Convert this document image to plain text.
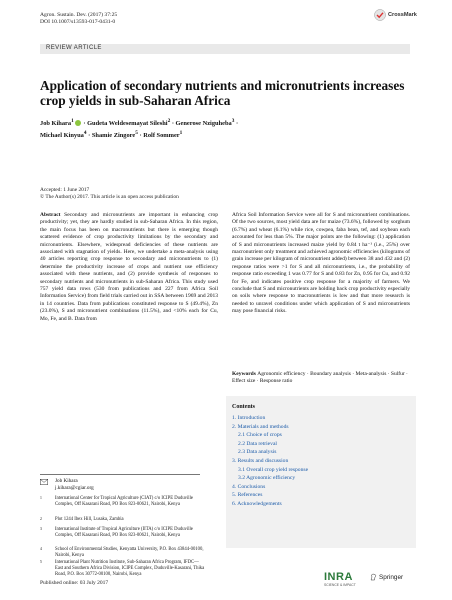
Agron. Sustain. Dev. (2017) 37:25
DOI 10.1007/s13593-017-0431-0
CrossMark
REVIEW ARTICLE
Application of secondary nutrients and micronutrients increases crop yields in sub-Saharan Africa
Job Kihara$^1$ · Gudeta Weldesemayat Sileshi$^2$ · Generose Nziguheba$^3$ ·
Michael Kinyua$^4$ · Shamie Zingore$^5$ · Rolf Sommer$^1$
Accepted: 1 June 2017
© The Author(s) 2017. This article is an open access publication
Abstract Secondary and micronutrients are important in enhancing crop productivity; yet, they are hardly studied in sub-Saharan Africa. In this region, the main focus has been on macronutrients but there is emerging though scattered evidence of crop productivity limitations by the secondary and micronutrients. Elsewhere, widespread deficiencies of these nutrients are associated with stagnation of yields. Here, we undertake a meta-analysis using 40 articles reporting crop response to secondary and micronutrients to (1) determine the productivity increase of crops and nutrient use efficiency associated with these nutrients, and (2) provide synthesis of responses to secondary nutrients and micronutrients in sub-Saharan Africa. This study used 757 yield data rows (530 from publications and 227 from Africa Soil Information Service) from field trials carried out in SSA between 1969 and 2013 in 14 countries. Data from publications constituted response to S (49.4%), Zn (23.0%), S and micronutrient combinations (11.5%), and <10% each for Cu, Mo, Fe, and B. Data from
Africa Soil Information Service were all for S and micronutrient combinations. Of the two sources, most yield data are for maize (73.6%), followed by sorghum (6.7%) and wheat (6.1%) while rice, cowpea, faba bean, tef, and soybean each accounted for less than 5%. The major points are the following: (1) application of S and micronutrients increased maize yield by 0.84 t ha⁻¹ (i.e., 25%) over macronutrient only treatment and achieved agronomic efficiencies (kilograms of grain increase per kilogram of micronutrient added) between 38 and 432 and (2) response ratios were >1 for S and all micronutrients, i.e., the probability of response ratio exceeding 1 was 0.77 for S and 0.83 for Zn, 0.95 for Cu, and 0.92 for Fe, and indicates positive crop response for a majority of farmers. We conclude that S and micronutrients are holding back crop productivity especially on soils where response to macronutrients is low and that more research is needed to unravel conditions under which application of S and micronutrients may pose financial risks.
Keywords Agronomic efficiency · Boundary analysis · Meta-analysis · Sulfur · Effect size · Response ratio
Job Kihara
j.kihara@cgiar.org
1	International Center for Tropical Agriculture (CIAT) c/o ICIPE Duduville Complex, Off Kasarani Road, PO Box 823-00621, Nairobi, Kenya
2	Plot 1244 Ibex Hill, Lusaka, Zambia
3	International Institute of Tropical Agriculture (IITA) c/o ICIPE Duduville Complex, Off Kasarani Road, PO Box 823-00621, Nairobi, Kenya
4	School of Environmental Studies, Kenyatta University, P.O. Box 43844-00100, Nairobi, Kenya
5	International Plant Nutrition Institute, Sub-Saharan Africa Program, IFDC—East and Southern Africa Division, ICIPE Complex, Duduville-Kasarani, Thika Road, P.O. Box 30772-00100, Nairobi, Kenya
Contents
1. Introduction
2. Materials and methods
2.1 Choice of crops
2.2 Data retrieval
2.3 Data analysis
3. Results and discussion
3.1 Overall crop yield response
3.2 Agronomic efficiency
4. Conclusions
5. References
6. Acknowledgements
Published online: 03 July 2017	INRA
SCIENCE & IMPACT
Springer
